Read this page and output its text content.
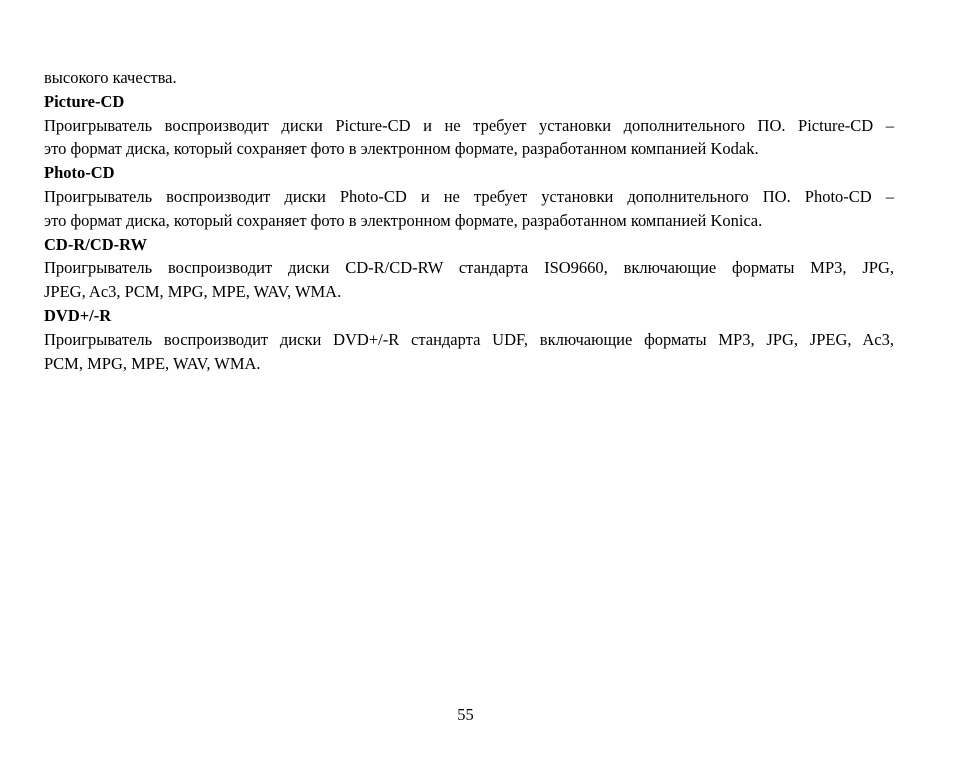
высокого качества.
Picture-CD
Проигрыватель воспроизводит диски Picture-CD и не требует установки дополнительного ПО. Picture-CD –
это формат диска, который сохраняет фото в электронном формате, разработанном компанией Kodak.
Photo-CD
Проигрыватель воспроизводит диски Photo-CD и не требует установки дополнительного ПО. Photo-CD –
это формат диска, который сохраняет фото в электронном формате, разработанном компанией Konica.
CD-R/CD-RW
Проигрыватель воспроизводит диски CD-R/CD-RW стандарта ISO9660, включающие форматы MP3, JPG,
JPEG, Ac3, PCM, MPG, MPE, WAV, WMA.
DVD+/-R
Проигрыватель воспроизводит диски DVD+/-R стандарта UDF, включающие форматы MP3, JPG, JPEG, Ac3,
PCM, MPG, MPE, WAV, WMA.
55
